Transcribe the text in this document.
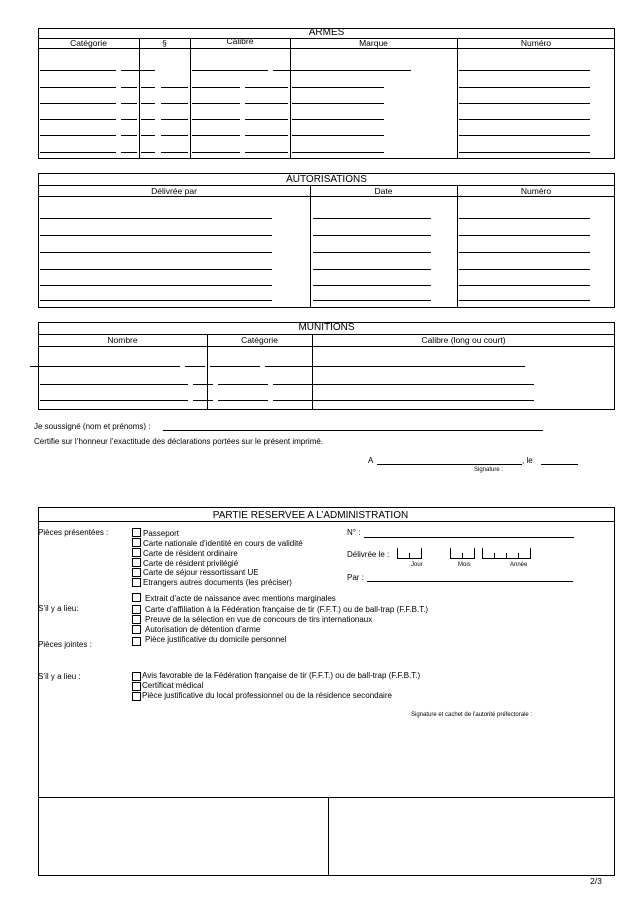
ARMES
Catégorie	§	Calibre	Marque	Numéro
AUTORISATIONS
Délivrée par	Date	Numéro
MUNITIONS
Nombre	Catégorie	Calibre (long ou court)
Je soussigné (nom et prénoms) :
Certifie sur l’honneur l’exactitude des déclarations portées sur le présent imprimé.
A	, le
Signature :
PARTIE RESERVEE A L’ADMINISTRATION
Pièces présentées :
S’il y a lieu:
Pièces jointes :
S’il y a lieu :
Passeport
Carte nationale d’identité en cours de validité
Carte de résident ordinaire
Carte de résident privilégié
Carte de séjour ressortissant UE
Etrangers autres documents (les préciser)
Extrait d’acte de naissance avec mentions marginales
Carte d’affiliation à la Fédération française de tir (F.F.T.) ou de ball-trap (F.F.B.T.)
Preuve de la sélection en vue de concours de tirs internationaux
Autorisation de détention d’arme
Pièce justificative du domicile personnel
Avis favorable de la Fédération française de tir (F.F.T.) ou de ball-trap (F.F.B.T.)
Certificat médical
Pièce justificative du local professionnel ou de la résidence secondaire
N° :
Délivrée le :
Jour	Mois	Année
Par :
Signature et cachet de l’autorité préfectorale :
2/3
